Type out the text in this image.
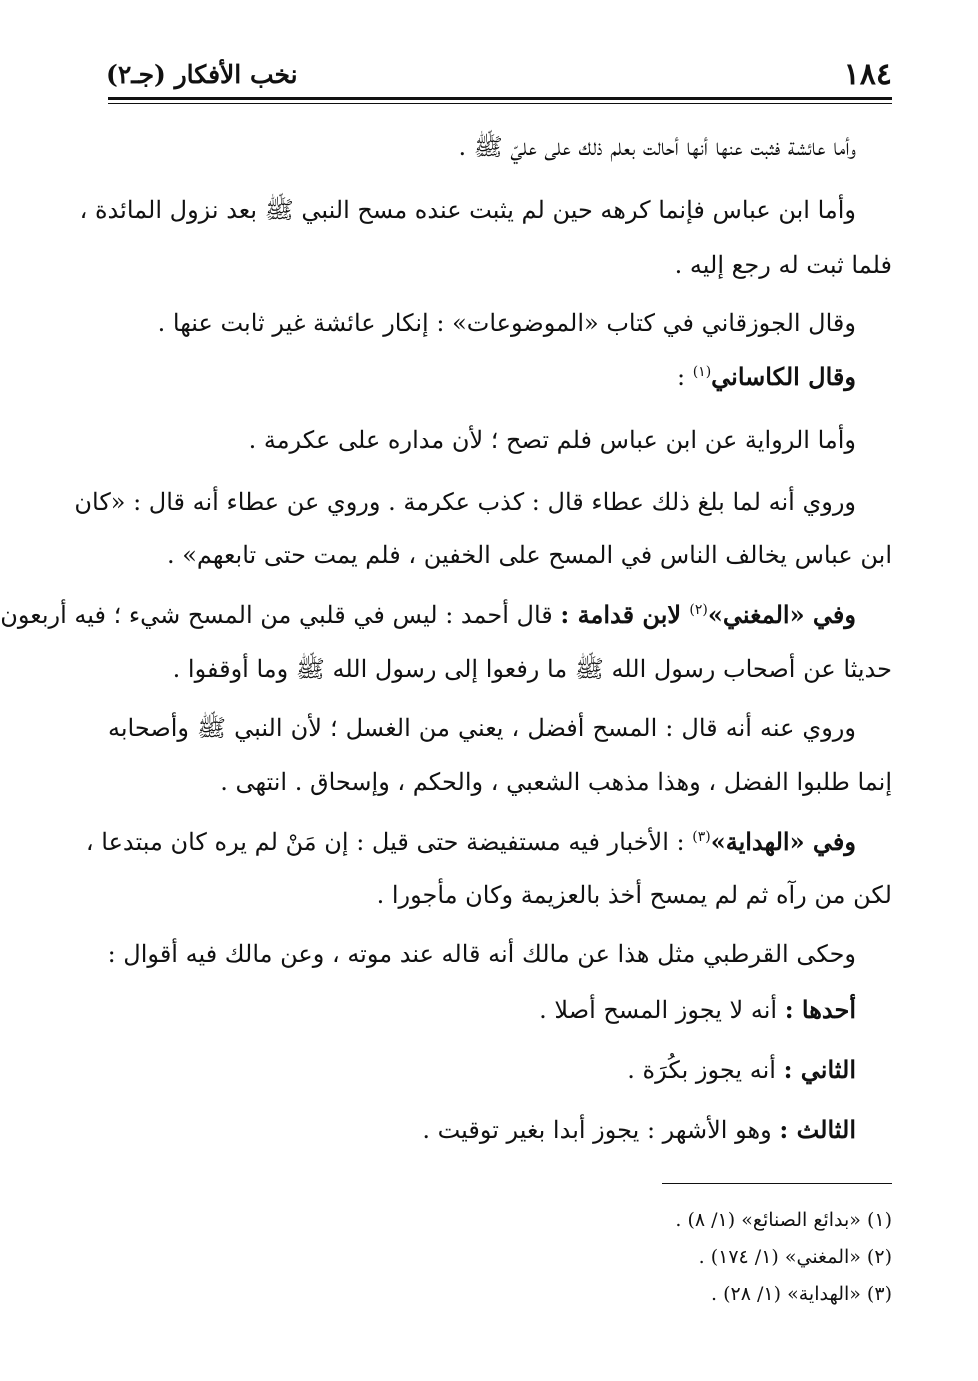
١٨٤
نخب الأفكار (جـ٢)
وأما عائشة فثبت عنها أنها أحالت بعلم ذلك على عليّ ﷺ .
وأما ابن عباس فإنما كرهه حين لم يثبت عنده مسح النبي ﷺ بعد نزول المائدة ،
فلما ثبت له رجع إليه .
وقال الجوزقاني في كتاب «الموضوعات» : إنكار عائشة غير ثابت عنها .
وقال الكاساني$^{(١)}$ :
وأما الرواية عن ابن عباس فلم تصح ؛ لأن مداره على عكرمة .
وروي أنه لما بلغ ذلك عطاء قال : كذب عكرمة . وروي عن عطاء أنه قال : «كان
ابن عباس يخالف الناس في المسح على الخفين ، فلم يمت حتى تابعهم» .
وفي «المغني»$^{(٢)}$ لابن قدامة : قال أحمد : ليس في قلبي من المسح شيء ؛ فيه أربعون
حديثا عن أصحاب رسول الله ﷺ ما رفعوا إلى رسول الله ﷺ وما أوقفوا .
وروي عنه أنه قال : المسح أفضل ، يعني من الغسل ؛ لأن النبي ﷺ وأصحابه
إنما طلبوا الفضل ، وهذا مذهب الشعبي ، والحكم ، وإسحاق . انتهى .
وفي «الهداية»$^{(٣)}$ : الأخبار فيه مستفيضة حتى قيل : إن مَنْ لم يره كان مبتدعا ،
لكن من رآه ثم لم يمسح أخذ بالعزيمة وكان مأجورا .
وحكى القرطبي مثل هذا عن مالك أنه قاله عند موته ، وعن مالك فيه أقوال :
أحدها : أنه لا يجوز المسح أصلا .
الثاني : أنه يجوز بكُرَة .
الثالث : وهو الأشهر : يجوز أبدا بغير توقيت .
(١) «بدائع الصنائع» (١/ ٨) .
(٢) «المغني» (١/ ١٧٤) .
(٣) «الهداية» (١/ ٢٨) .
